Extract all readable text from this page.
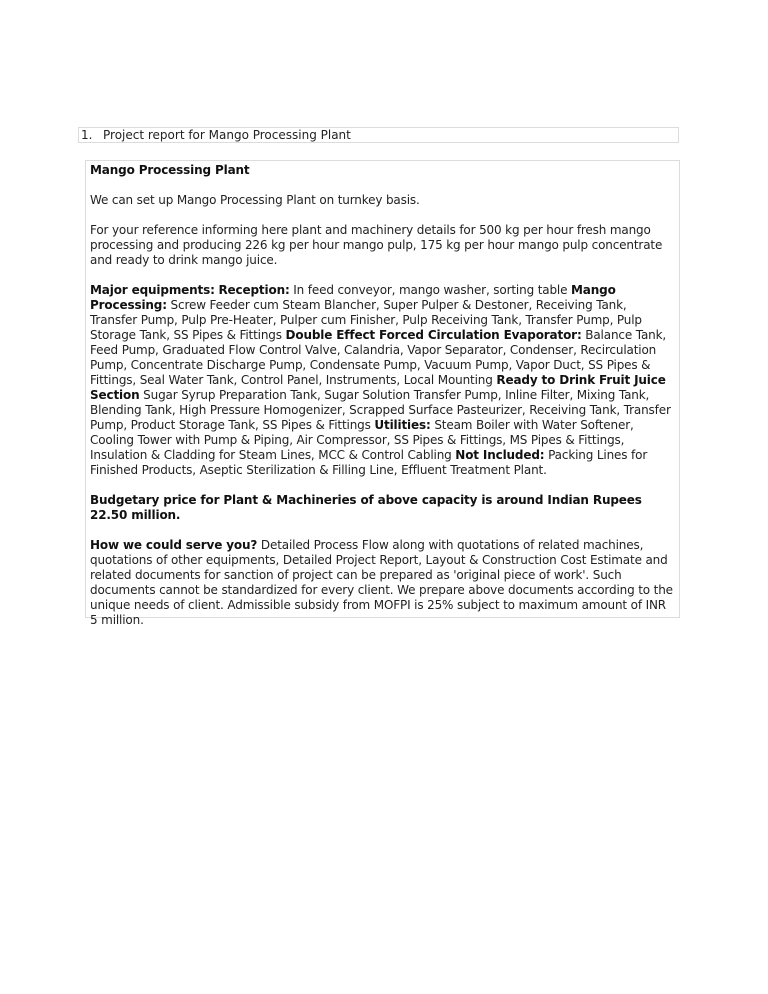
1. Project report for Mango Processing Plant

Mango Processing Plant

We can set up Mango Processing Plant on turnkey basis.

For your reference informing here plant and machinery details for 500 kg per hour fresh mango processing and producing 226 kg per hour mango pulp, 175 kg per hour mango pulp concentrate and ready to drink mango juice.

Major equipments: Reception: In feed conveyor, mango washer, sorting table Mango Processing: Screw Feeder cum Steam Blancher, Super Pulper & Destoner, Receiving Tank, Transfer Pump, Pulp Pre-Heater, Pulper cum Finisher, Pulp Receiving Tank, Transfer Pump, Pulp Storage Tank, SS Pipes & Fittings Double Effect Forced Circulation Evaporator: Balance Tank, Feed Pump, Graduated Flow Control Valve, Calandria, Vapor Separator, Condenser, Recirculation Pump, Concentrate Discharge Pump, Condensate Pump, Vacuum Pump, Vapor Duct, SS Pipes & Fittings, Seal Water Tank, Control Panel, Instruments, Local Mounting Ready to Drink Fruit Juice Section Sugar Syrup Preparation Tank, Sugar Solution Transfer Pump, Inline Filter, Mixing Tank, Blending Tank, High Pressure Homogenizer, Scrapped Surface Pasteurizer, Receiving Tank, Transfer Pump, Product Storage Tank, SS Pipes & Fittings Utilities: Steam Boiler with Water Softener, Cooling Tower with Pump & Piping, Air Compressor, SS Pipes & Fittings, MS Pipes & Fittings, Insulation & Cladding for Steam Lines, MCC & Control Cabling Not Included: Packing Lines for Finished Products, Aseptic Sterilization & Filling Line, Effluent Treatment Plant.

Budgetary price for Plant & Machineries of above capacity is around Indian Rupees 22.50 million.

How we could serve you? Detailed Process Flow along with quotations of related machines, quotations of other equipments, Detailed Project Report, Layout & Construction Cost Estimate and related documents for sanction of project can be prepared as 'original piece of work'. Such documents cannot be standardized for every client. We prepare above documents according to the unique needs of client. Admissible subsidy from MOFPI is 25% subject to maximum amount of INR 5 million.
